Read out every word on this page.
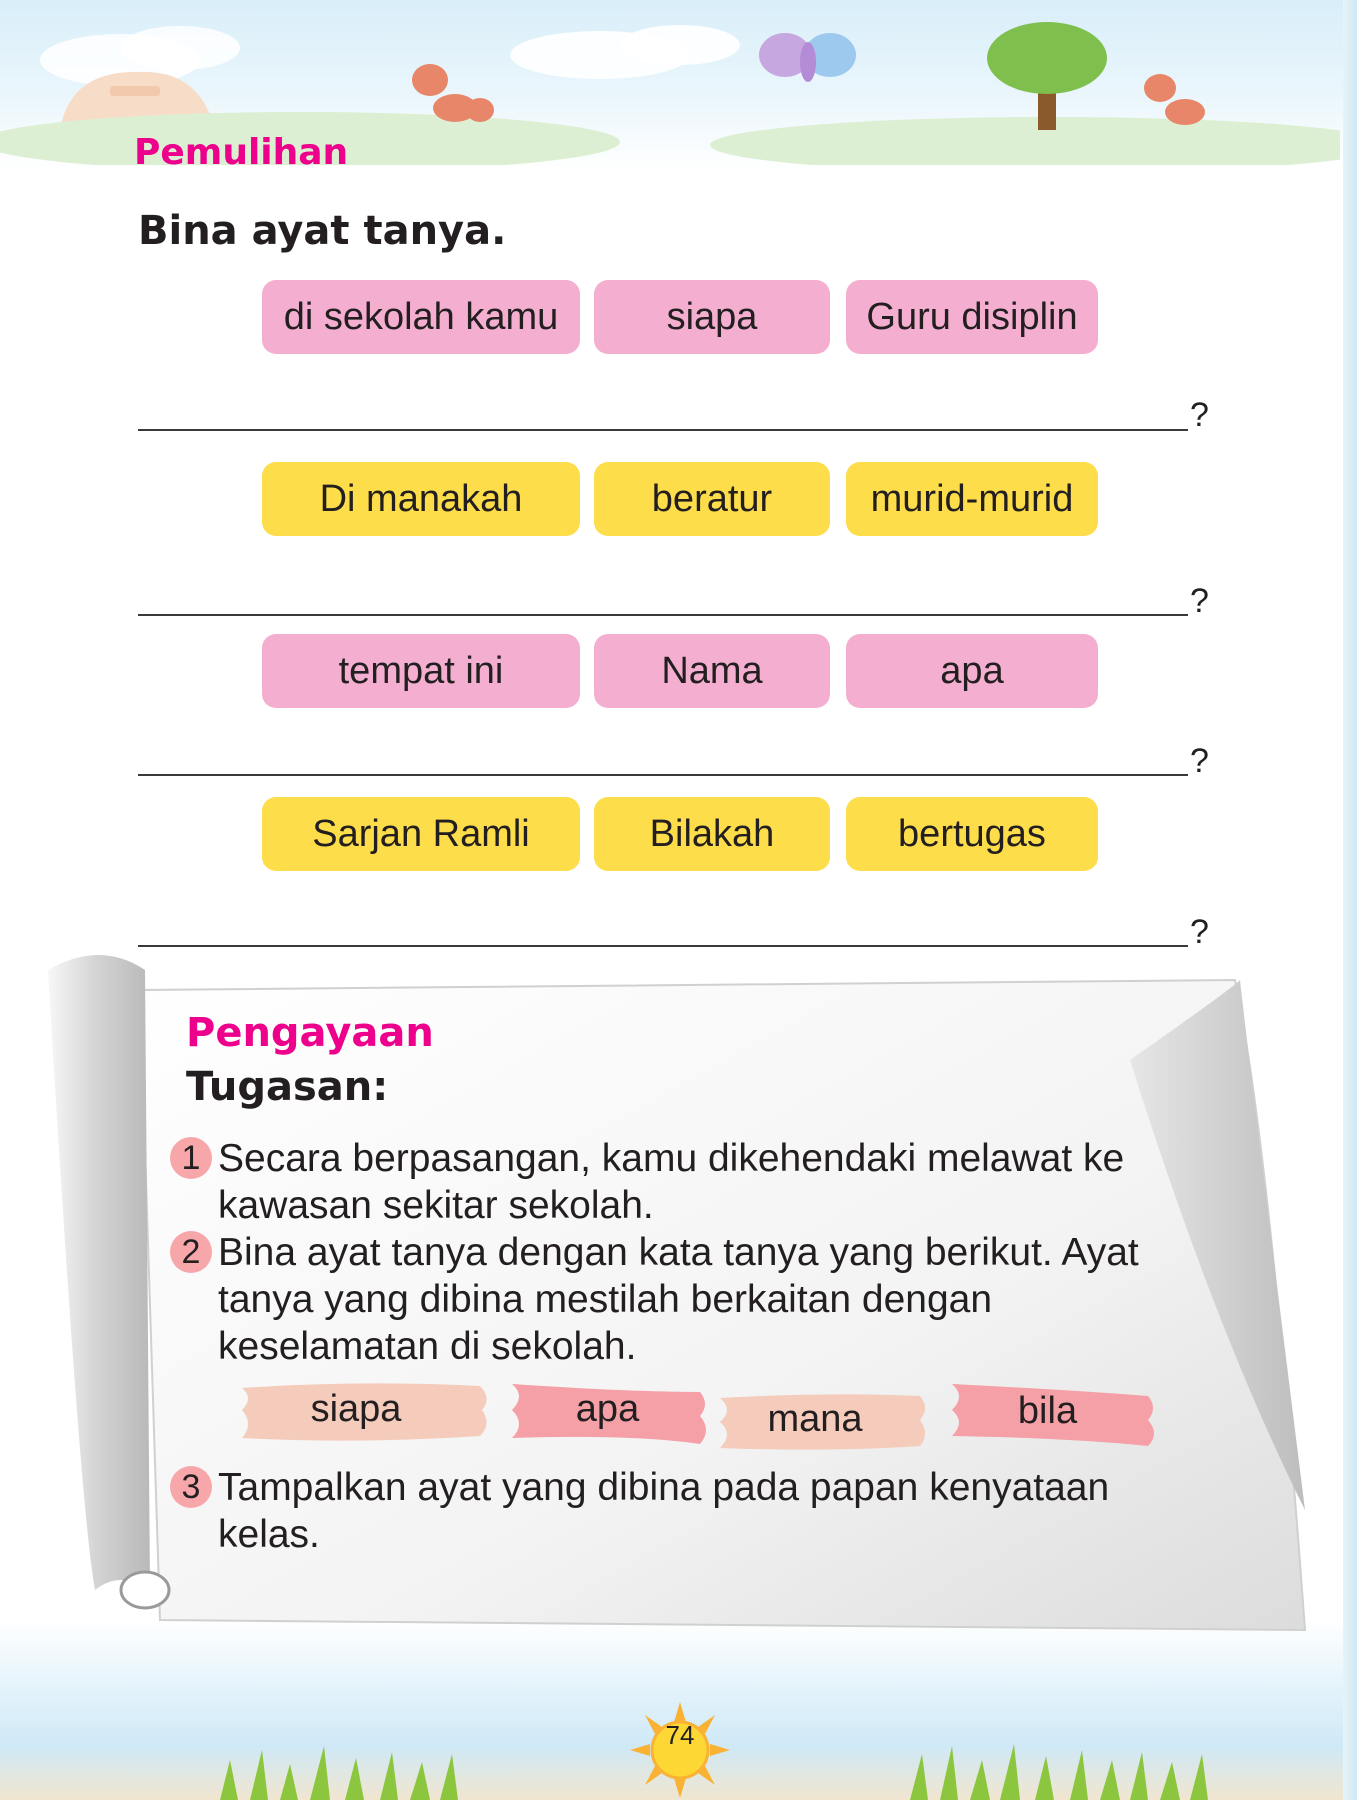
Pemulihan

Bina ayat tanya.

di sekolah kamu	siapa	Guru disiplin
?
Di manakah	beratur	murid-murid
?
tempat ini	Nama	apa
?
Sarjan Ramli	Bilakah	bertugas
?
Pengayaan

Tugasan:

1 Secara berpasangan, kamu dikehendaki melawat ke kawasan sekitar sekolah.
2 Bina ayat tanya dengan kata tanya yang berikut. Ayat tanya yang dibina mestilah berkaitan dengan keselamatan di sekolah.
siapa	apa	mana	bila
3 Tampalkan ayat yang dibina pada papan kenyataan kelas.
74
